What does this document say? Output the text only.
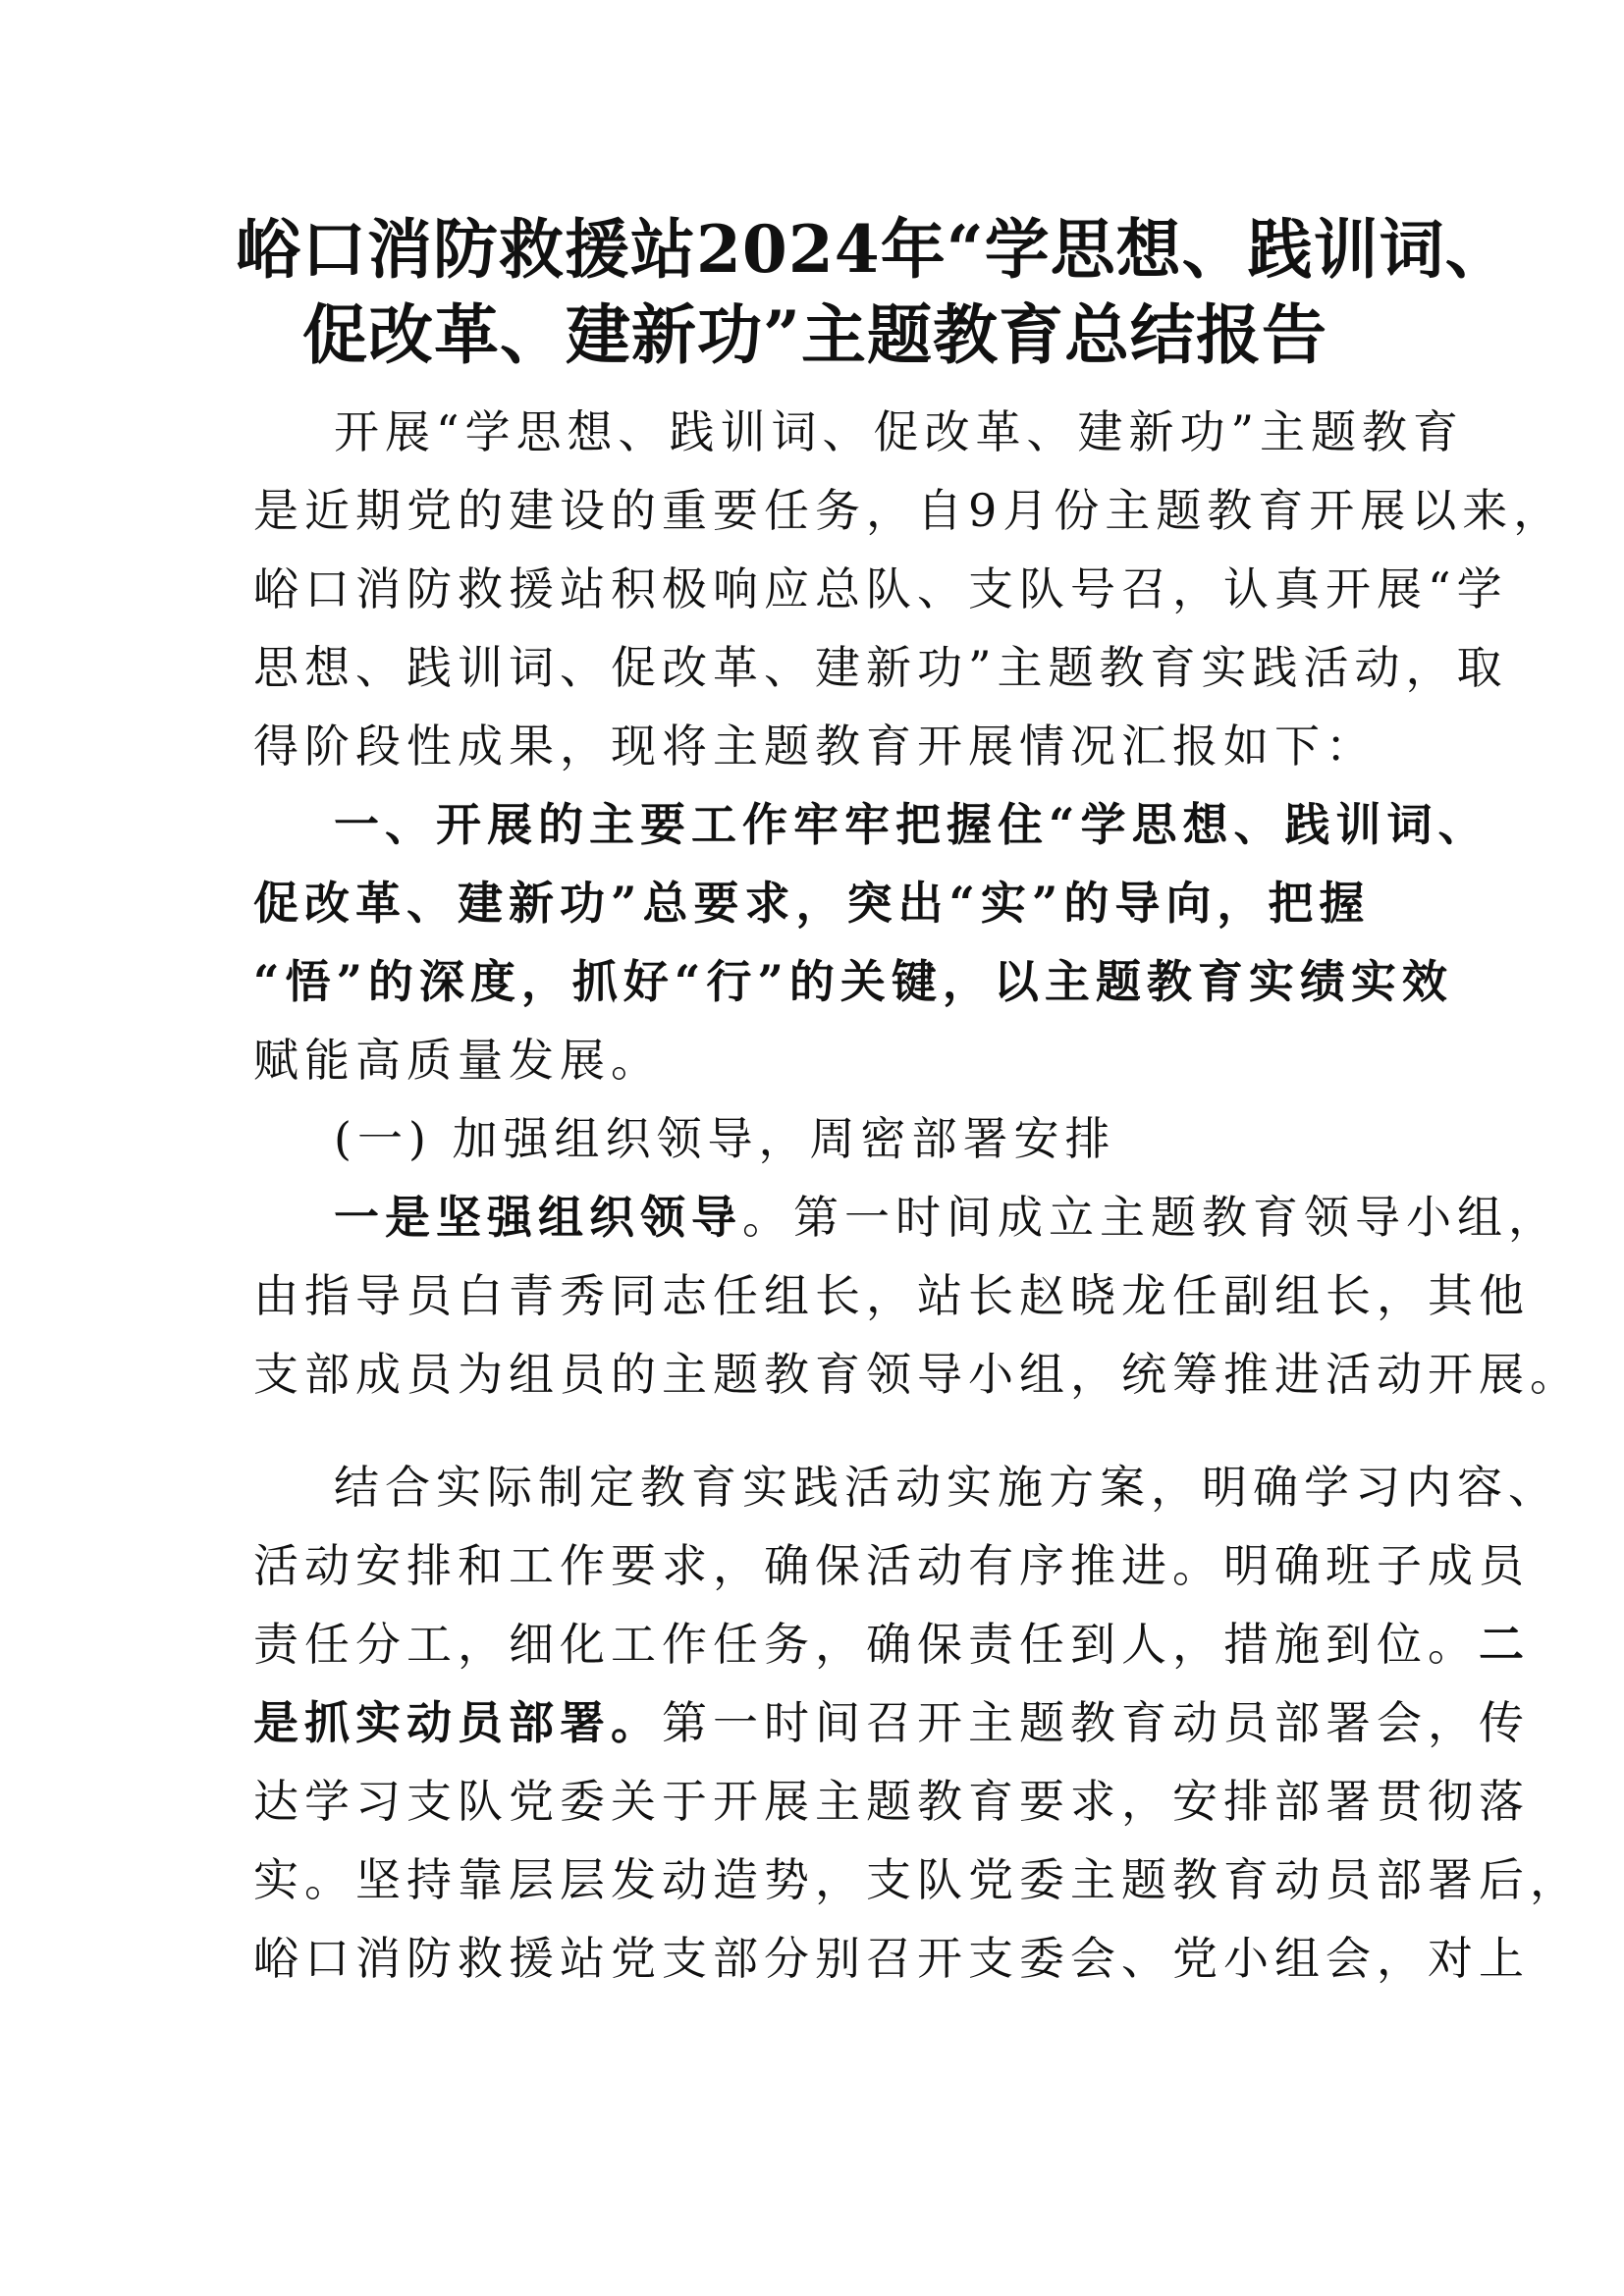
峪口消防救援站2024年“学思想、践训词、
促改革、建新功”主题教育总结报告
开展“学思想、践训词、促改革、建新功”主题教育
是近期党的建设的重要任务，自9月份主题教育开展以来，
峪口消防救援站积极响应总队、支队号召，认真开展“学
思想、践训词、促改革、建新功”主题教育实践活动，取
得阶段性成果，现将主题教育开展情况汇报如下：
一、开展的主要工作牢牢把握住“学思想、践训词、
促改革、建新功”总要求，突出“实”的导向，把握
“悟”的深度，抓好“行”的关键，以主题教育实绩实效
赋能高质量发展。
(一) 加强组织领导，周密部署安排
一是坚强组织领导。第一时间成立主题教育领导小组，
由指导员白青秀同志任组长，站长赵晓龙任副组长，其他
支部成员为组员的主题教育领导小组，统筹推进活动开展。
结合实际制定教育实践活动实施方案，明确学习内容、
活动安排和工作要求，确保活动有序推进。明确班子成员
责任分工，细化工作任务，确保责任到人，措施到位。二
是抓实动员部署。第一时间召开主题教育动员部署会，传
达学习支队党委关于开展主题教育要求，安排部署贯彻落
实。坚持靠层层发动造势，支队党委主题教育动员部署后，
峪口消防救援站党支部分别召开支委会、党小组会，对上
